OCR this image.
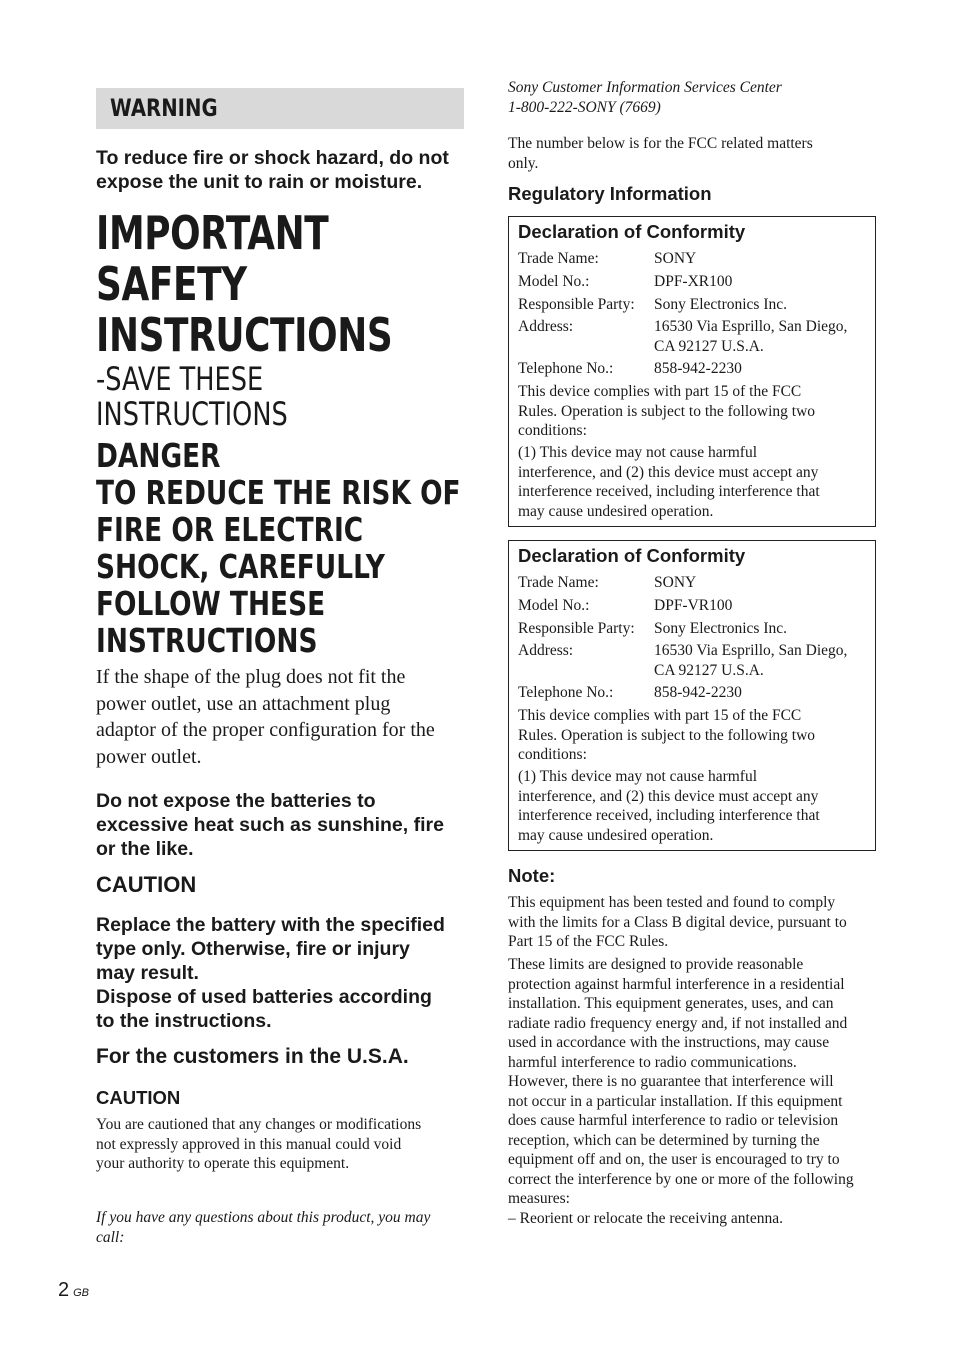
WARNING
To reduce fire or shock hazard, do not
expose the unit to rain or moisture.
IMPORTANT
SAFETY
INSTRUCTIONS
-SAVE THESE
INSTRUCTIONS
DANGER
TO REDUCE THE RISK OF
FIRE OR ELECTRIC
SHOCK, CAREFULLY
FOLLOW THESE
INSTRUCTIONS
If the shape of the plug does not fit the
power outlet, use an attachment plug
adaptor of the proper configuration for the
power outlet.
Do not expose the batteries to
excessive heat such as sunshine, fire
or the like.
CAUTION
Replace the battery with the specified
type only. Otherwise, fire or injury
may result.
Dispose of used batteries according
to the instructions.
For the customers in the U.S.A.
CAUTION
You are cautioned that any changes or modifications
not expressly approved in this manual could void
your authority to operate this equipment.
If you have any questions about this product, you may
call:
2 GB
Sony Customer Information Services Center
1-800-222-SONY (7669)
The number below is for the FCC related matters
only.
Regulatory Information
Declaration of Conformity
Trade Name:	SONY
Model No.:	DPF-XR100
Responsible Party: Sony Electronics Inc.
Address:	16530 Via Esprillo, San Diego,
CA 92127 U.S.A.
Telephone No.:	858-942-2230
This device complies with part 15 of the FCC
Rules. Operation is subject to the following two
conditions:
(1) This device may not cause harmful
interference, and (2) this device must accept any
interference received, including interference that
may cause undesired operation.
Declaration of Conformity
Trade Name:	SONY
Model No.:	DPF-VR100
Responsible Party: Sony Electronics Inc.
Address:	16530 Via Esprillo, San Diego,
CA 92127 U.S.A.
Telephone No.:	858-942-2230
This device complies with part 15 of the FCC
Rules. Operation is subject to the following two
conditions:
(1) This device may not cause harmful
interference, and (2) this device must accept any
interference received, including interference that
may cause undesired operation.
Note:
This equipment has been tested and found to comply
with the limits for a Class B digital device, pursuant to
Part 15 of the FCC Rules.
These limits are designed to provide reasonable
protection against harmful interference in a residential
installation. This equipment generates, uses, and can
radiate radio frequency energy and, if not installed and
used in accordance with the instructions, may cause
harmful interference to radio communications.
However, there is no guarantee that interference will
not occur in a particular installation. If this equipment
does cause harmful interference to radio or television
reception, which can be determined by turning the
equipment off and on, the user is encouraged to try to
correct the interference by one or more of the following
measures:
– Reorient or relocate the receiving antenna.
